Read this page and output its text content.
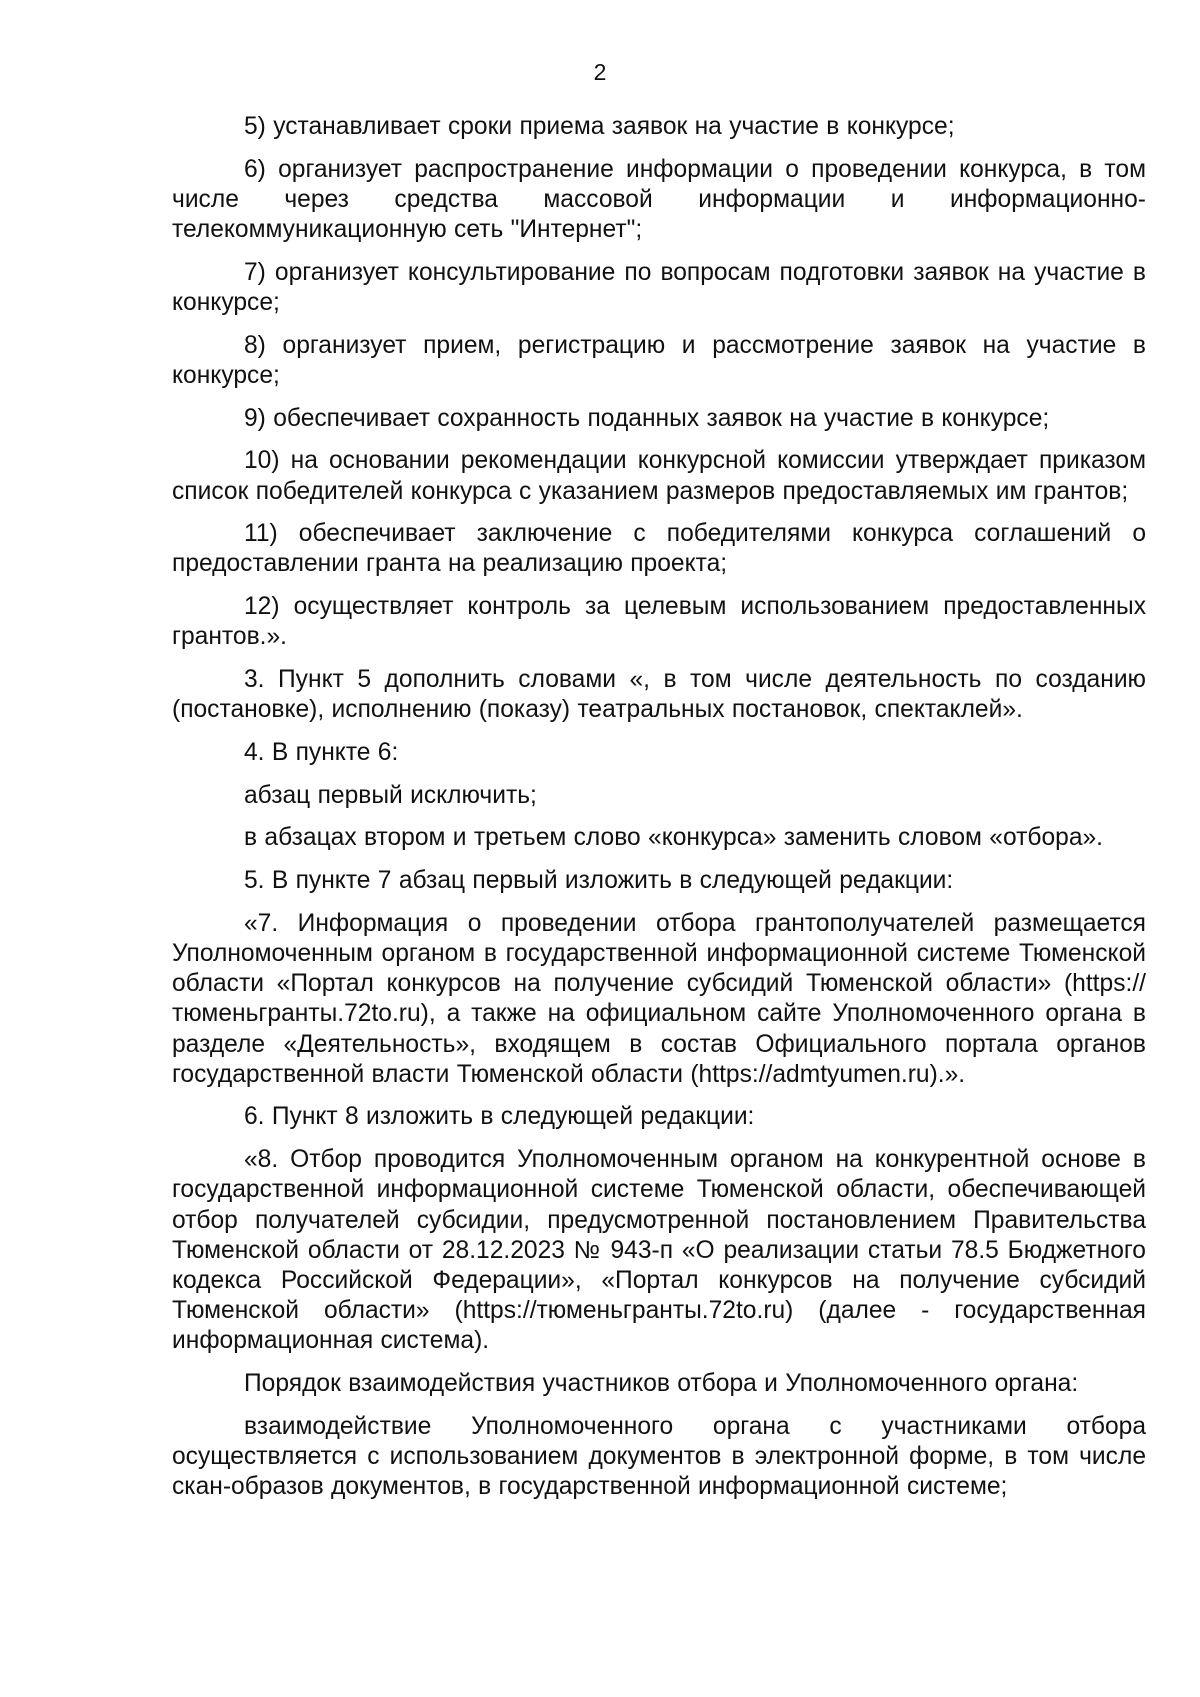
2

5) устанавливает сроки приема заявок на участие в конкурсе;

6) организует распространение информации о проведении конкурса, в том числе через средства массовой информации и информационно-телекоммуникационную сеть "Интернет";

7) организует консультирование по вопросам подготовки заявок на участие в конкурсе;

8) организует прием, регистрацию и рассмотрение заявок на участие в конкурсе;

9) обеспечивает сохранность поданных заявок на участие в конкурсе;

10) на основании рекомендации конкурсной комиссии утверждает приказом список победителей конкурса с указанием размеров предоставляемых им грантов;

11) обеспечивает заключение с победителями конкурса соглашений о предоставлении гранта на реализацию проекта;

12) осуществляет контроль за целевым использованием предоставленных грантов.».

3. Пункт 5 дополнить словами «, в том числе деятельность по созданию (постановке), исполнению (показу) театральных постановок, спектаклей».

4. В пункте 6:

абзац первый исключить;

в абзацах втором и третьем слово «конкурса» заменить словом «отбора».

5. В пункте 7 абзац первый изложить в следующей редакции:

«7. Информация о проведении отбора грантополучателей размещается Уполномоченным органом в государственной информационной системе Тюменской области «Портал конкурсов на получение субсидий Тюменской области» (https://тюменьгранты.72to.ru), а также на официальном сайте Уполномоченного органа в разделе «Деятельность», входящем в состав Официального портала органов государственной власти Тюменской области (https://admtyumen.ru).».

6. Пункт 8 изложить в следующей редакции:

«8. Отбор проводится Уполномоченным органом на конкурентной основе в государственной информационной системе Тюменской области, обеспечивающей отбор получателей субсидии, предусмотренной постановлением Правительства Тюменской области от 28.12.2023 № 943-п «О реализации статьи 78.5 Бюджетного кодекса Российской Федерации», «Портал конкурсов на получение субсидий Тюменской области» (https://тюменьгранты.72to.ru) (далее - государственная информационная система).

Порядок взаимодействия участников отбора и Уполномоченного органа:

взаимодействие Уполномоченного органа с участниками отбора осуществляется с использованием документов в электронной форме, в том числе скан-образов документов, в государственной информационной системе;
